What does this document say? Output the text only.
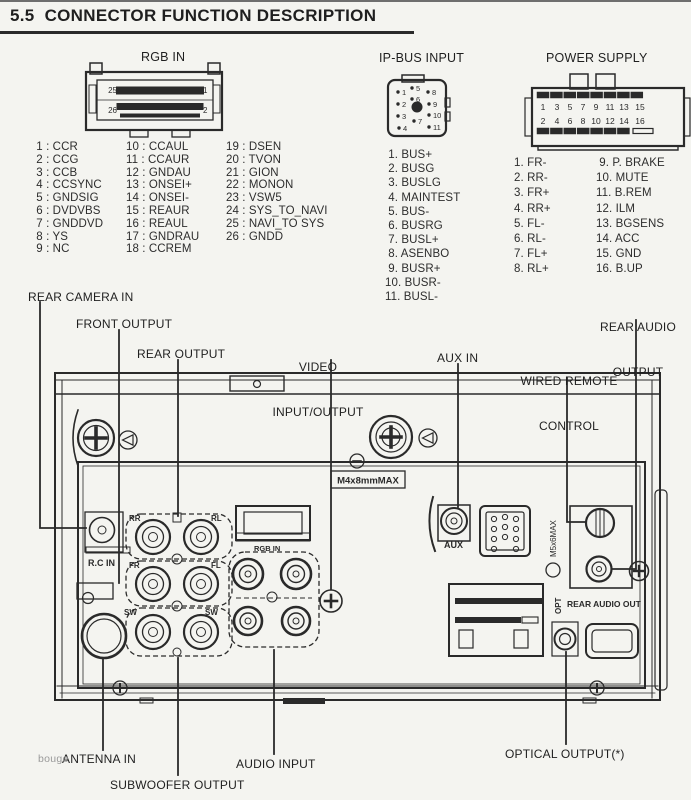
25	1
26	2
1
2
3
4
5
6
7
8
9
10
11
1 3 5 7 9 11 13 15
2 4 6 8 10 12 14 16
M4x8mmMAX
R.C IN
RR	RL
FR	FL
SW	SW
RGB IN	AUX	M5x6MAX
REAR AUDIO OUT
OPT
5.5  CONNECTOR FUNCTION DESCRIPTION
RGB IN	IP-BUS INPUT	POWER SUPPLY
1 : CCR
2 : CCG
3 : CCB
4 : CCSYNC
5 : GNDSIG
6 : DVDVBS
7 : GNDDVD
8 : YS
9 : NC
10 : CCAUL
11 : CCAUR
12 : GNDAU
13 : ONSEI+
14 : ONSEI-
15 : REAUR
16 : REAUL
17 : GNDRAU
18 : CCREM
19 : DSEN
20 : TVON
21 : GION
22 : MONON
23 : VSW5
24 : SYS_TO_NAVI
25 : NAVI_TO SYS
26 : GNDD
1. BUS+
2. BUSG
3. BUSLG
4. MAINTEST
5. BUS-
6. BUSRG
7. BUSL+
8. ASENBO
9. BUSR+
10. BUSR-
11. BUSL-
1. FR-
2. RR-
3. FR+
4. RR+
5. FL-
6. RL-
7. FL+
8. RL+
9. P. BRAKE
10. MUTE
11. B.REM
12. ILM
13. BGSENS
14. ACC
15. GND
16. B.UP
REAR CAMERA IN
FRONT OUTPUT
REAR OUTPUT

VIDEO

INPUT/OUTPUT

AUX IN

WIRED REMOTE

CONTROL

REAR AUDIO

OUTPUT

ANTENNA IN
SUBWOOFER OUTPUT
AUDIO INPUT
OPTICAL OUTPUT(*)
bouge
